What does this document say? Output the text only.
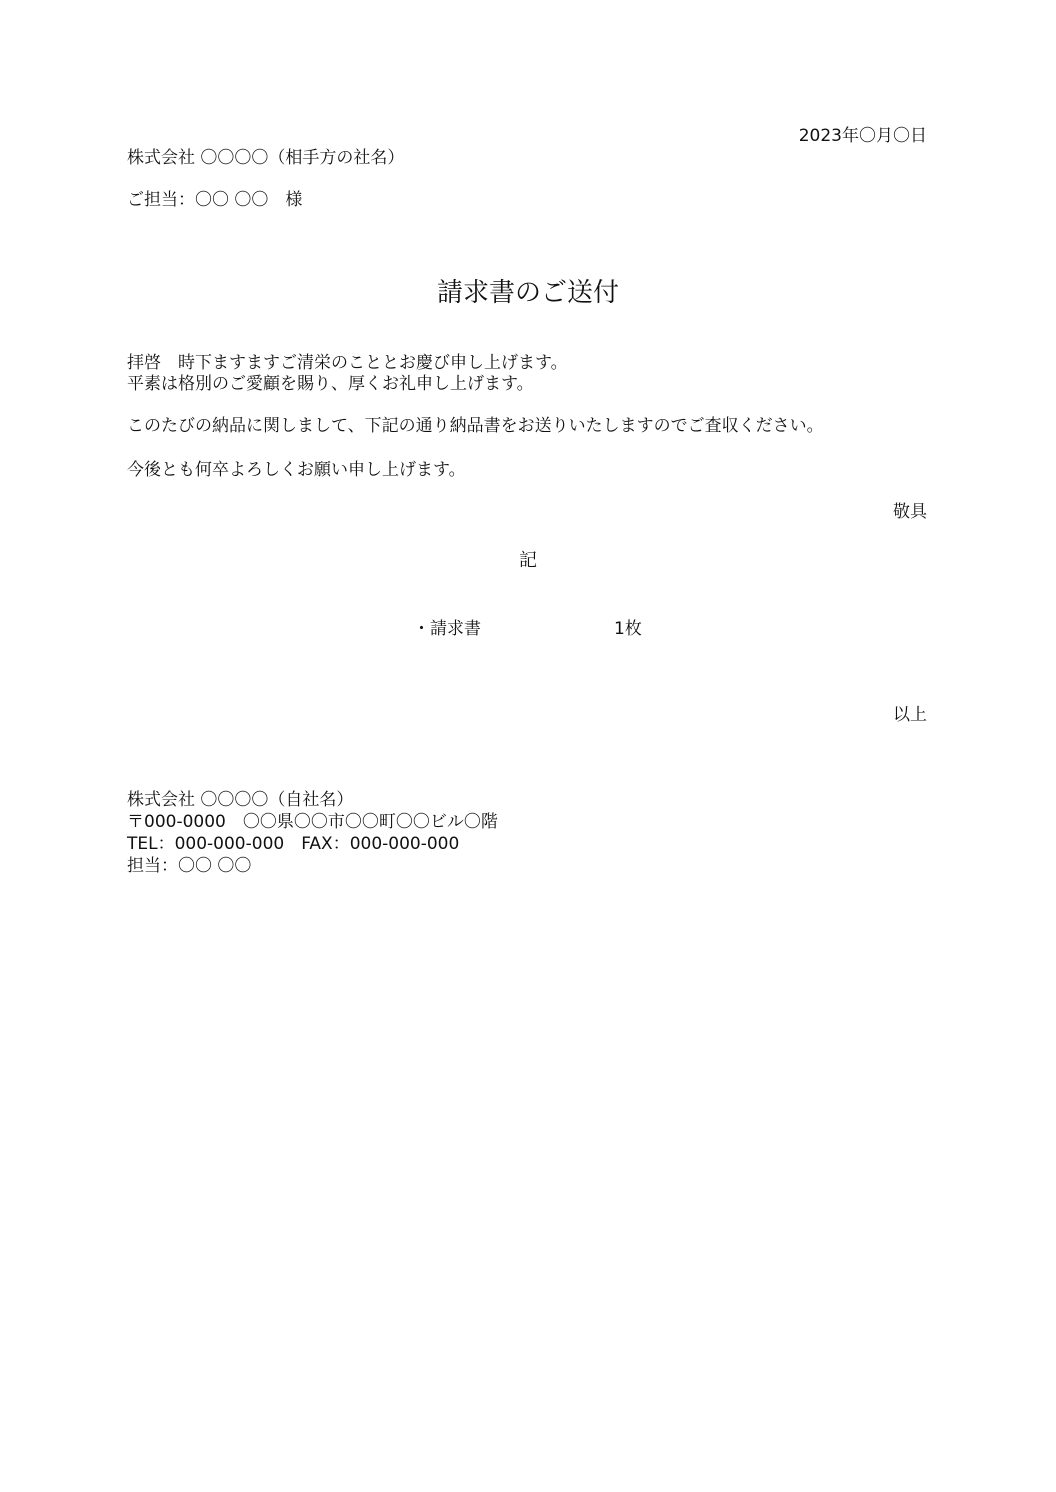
2023年〇月〇日
株式会社 〇〇〇〇（相手方の社名）
ご担当：〇〇 〇〇　様
請求書のご送付
拝啓　時下ますますご清栄のこととお慶び申し上げます。
平素は格別のご愛顧を賜り、厚くお礼申し上げます。
このたびの納品に関しまして、下記の通り納品書をお送りいたしますのでご査収ください。
今後とも何卒よろしくお願い申し上げます。
敬具
記
・請求書	1枚
以上
株式会社 〇〇〇〇（自社名）
〒000-0000　〇〇県〇〇市〇〇町〇〇ビル〇階
TEL：000-000-000　FAX：000-000-000
担当：〇〇 〇〇
